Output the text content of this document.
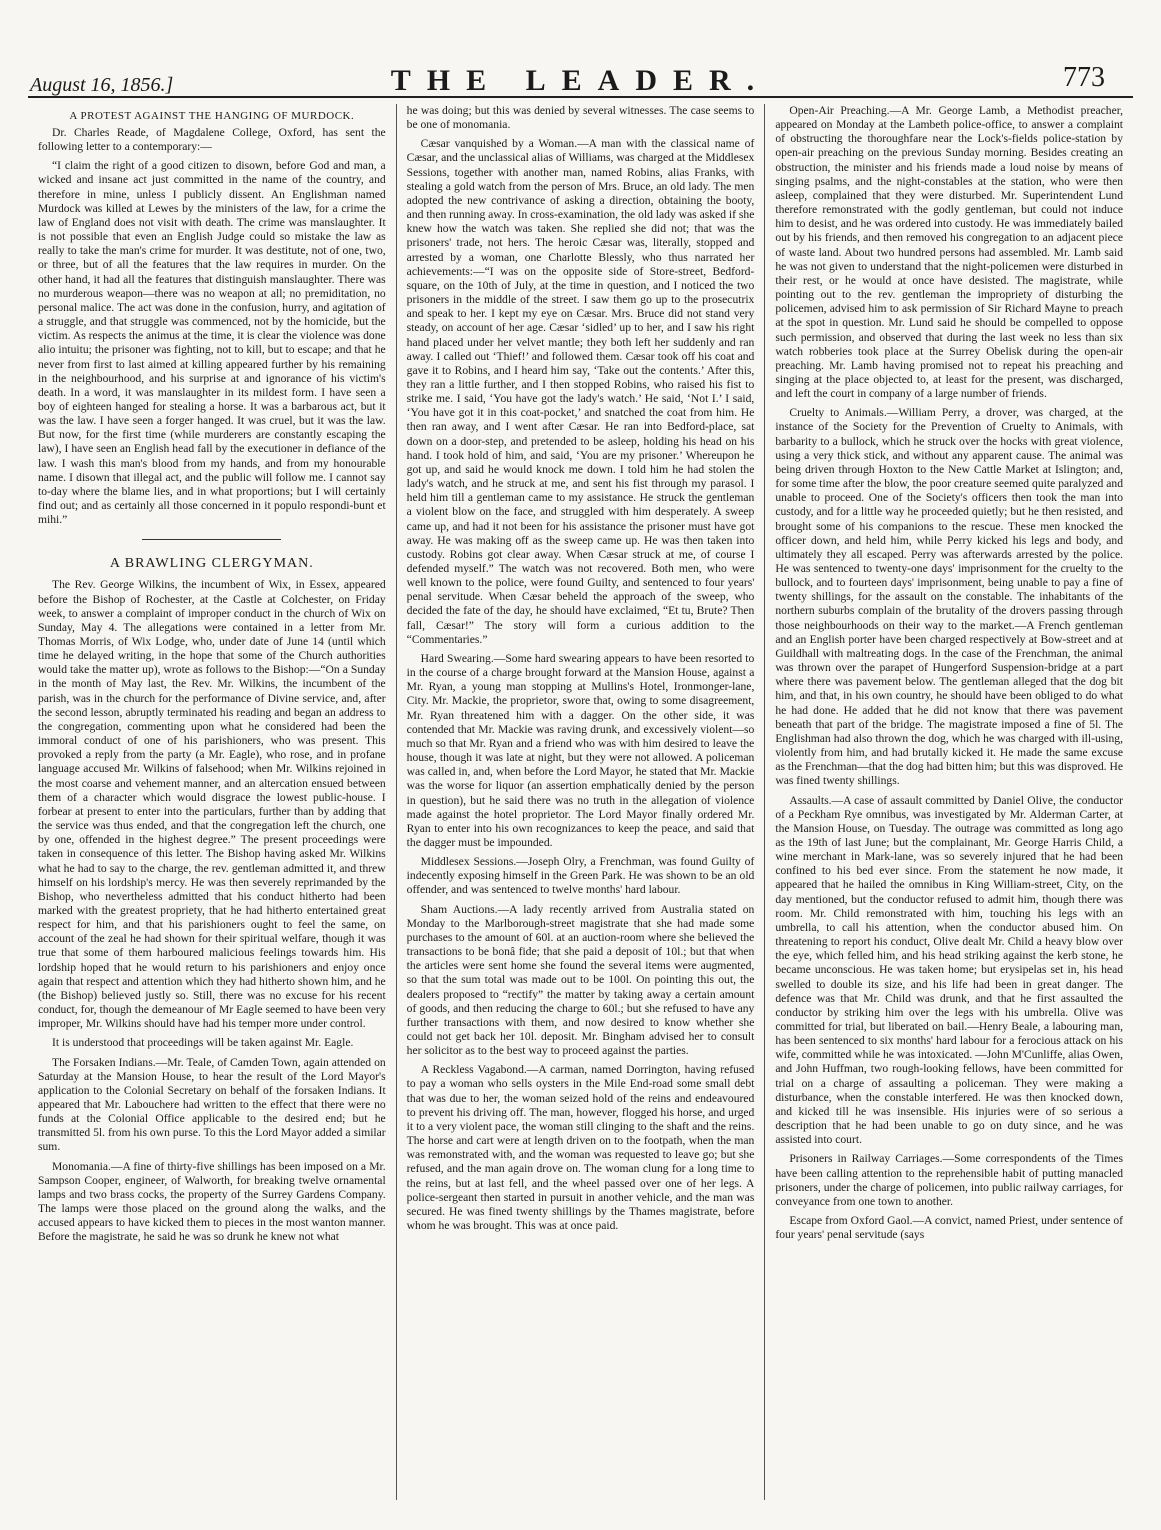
August 16, 1856.]	THE LEADER.	773
A PROTEST AGAINST THE HANGING OF MURDOCK.

Dr. Charles Reade, of Magdalene College, Oxford, has sent the following letter to a contemporary:—

“I claim the right of a good citizen to disown, before God and man, a wicked and insane act just committed in the name of the country, and therefore in mine, unless I publicly dissent. An Englishman named Murdock was killed at Lewes by the ministers of the law, for a crime the law of England does not visit with death. The crime was manslaughter. It is not possible that even an English Judge could so mistake the law as really to take the man's crime for murder. It was destitute, not of one, two, or three, but of all the features that the law requires in murder. On the other hand, it had all the features that distinguish manslaughter. There was no murderous weapon—there was no weapon at all; no premiditation, no personal malice. The act was done in the confusion, hurry, and agitation of a struggle, and that struggle was commenced, not by the homicide, but the victim. As respects the animus at the time, it is clear the violence was done alio intuitu; the prisoner was fighting, not to kill, but to escape; and that he never from first to last aimed at killing appeared further by his remaining in the neighbourhood, and his surprise at and ignorance of his victim's death. In a word, it was manslaughter in its mildest form. I have seen a boy of eighteen hanged for stealing a horse. It was a barbarous act, but it was the law. I have seen a forger hanged. It was cruel, but it was the law. But now, for the first time (while murderers are constantly escaping the law), I have seen an English head fall by the executioner in defiance of the law. I wash this man's blood from my hands, and from my honourable name. I disown that illegal act, and the public will follow me. I cannot say to-day where the blame lies, and in what proportions; but I will certainly find out; and as certainly all those concerned in it populo respondi-bunt et mihi.”

A BRAWLING CLERGYMAN.

The Rev. George Wilkins, the incumbent of Wix, in Essex, appeared before the Bishop of Rochester, at the Castle at Colchester, on Friday week, to answer a complaint of improper conduct in the church of Wix on Sunday, May 4. The allegations were contained in a letter from Mr. Thomas Morris, of Wix Lodge, who, under date of June 14 (until which time he delayed writing, in the hope that some of the Church authorities would take the matter up), wrote as follows to the Bishop:—“On a Sunday in the month of May last, the Rev. Mr. Wilkins, the incumbent of the parish, was in the church for the performance of Divine service, and, after the second lesson, abruptly terminated his reading and began an address to the congregation, commenting upon what he considered had been the immoral conduct of one of his parishioners, who was present. This provoked a reply from the party (a Mr. Eagle), who rose, and in profane language accused Mr. Wilkins of falsehood; when Mr. Wilkins rejoined in the most coarse and vehement manner, and an altercation ensued between them of a character which would disgrace the lowest public-house. I forbear at present to enter into the particulars, further than by adding that the service was thus ended, and that the congregation left the church, one by one, offended in the highest degree.” The present proceedings were taken in consequence of this letter. The Bishop having asked Mr. Wilkins what he had to say to the charge, the rev. gentleman admitted it, and threw himself on his lordship's mercy. He was then severely reprimanded by the Bishop, who nevertheless admitted that his conduct hitherto had been marked with the greatest propriety, that he had hitherto entertained great respect for him, and that his parishioners ought to feel the same, on account of the zeal he had shown for their spiritual welfare, though it was true that some of them harboured malicious feelings towards him. His lordship hoped that he would return to his parishioners and enjoy once again that respect and attention which they had hitherto shown him, and he (the Bishop) believed justly so. Still, there was no excuse for his recent conduct, for, though the demeanour of Mr Eagle seemed to have been very improper, Mr. Wilkins should have had his temper more under control.

It is understood that proceedings will be taken against Mr. Eagle.

The Forsaken Indians.—Mr. Teale, of Camden Town, again attended on Saturday at the Mansion House, to hear the result of the Lord Mayor's application to the Colonial Secretary on behalf of the forsaken Indians. It appeared that Mr. Labouchere had written to the effect that there were no funds at the Colonial Office applicable to the desired end; but he transmitted 5l. from his own purse. To this the Lord Mayor added a similar sum.

Monomania.—A fine of thirty-five shillings has been imposed on a Mr. Sampson Cooper, engineer, of Walworth, for breaking twelve ornamental lamps and two brass cocks, the property of the Surrey Gardens Company. The lamps were those placed on the ground along the walks, and the accused appears to have kicked them to pieces in the most wanton manner. Before the magistrate, he said he was so drunk he knew not what

he was doing; but this was denied by several witnesses. The case seems to be one of monomania.

Cæsar vanquished by a Woman.—A man with the classical name of Cæsar, and the unclassical alias of Williams, was charged at the Middlesex Sessions, together with another man, named Robins, alias Franks, with stealing a gold watch from the person of Mrs. Bruce, an old lady. The men adopted the new contrivance of asking a direction, obtaining the booty, and then running away. In cross-examination, the old lady was asked if she knew how the watch was taken. She replied she did not; that was the prisoners' trade, not hers. The heroic Cæsar was, literally, stopped and arrested by a woman, one Charlotte Blessly, who thus narrated her achievements:—“I was on the opposite side of Store-street, Bedford-square, on the 10th of July, at the time in question, and I noticed the two prisoners in the middle of the street. I saw them go up to the prosecutrix and speak to her. I kept my eye on Cæsar. Mrs. Bruce did not stand very steady, on account of her age. Cæsar ‘sidled’ up to her, and I saw his right hand placed under her velvet mantle; they both left her suddenly and ran away. I called out ‘Thief!’ and followed them. Cæsar took off his coat and gave it to Robins, and I heard him say, ‘Take out the contents.’ After this, they ran a little further, and I then stopped Robins, who raised his fist to strike me. I said, ‘You have got the lady's watch.’ He said, ‘Not I.’ I said, ‘You have got it in this coat-pocket,’ and snatched the coat from him. He then ran away, and I went after Cæsar. He ran into Bedford-place, sat down on a door-step, and pretended to be asleep, holding his head on his hand. I took hold of him, and said, ‘You are my prisoner.’ Whereupon he got up, and said he would knock me down. I told him he had stolen the lady's watch, and he struck at me, and sent his fist through my parasol. I held him till a gentleman came to my assistance. He struck the gentleman a violent blow on the face, and struggled with him desperately. A sweep came up, and had it not been for his assistance the prisoner must have got away. He was making off as the sweep came up. He was then taken into custody. Robins got clear away. When Cæsar struck at me, of course I defended myself.” The watch was not recovered. Both men, who were well known to the police, were found Guilty, and sentenced to four years' penal servitude. When Cæsar beheld the approach of the sweep, who decided the fate of the day, he should have exclaimed, “Et tu, Brute? Then fall, Cæsar!” The story will form a curious addition to the “Commentaries.”

Hard Swearing.—Some hard swearing appears to have been resorted to in the course of a charge brought forward at the Mansion House, against a Mr. Ryan, a young man stopping at Mullins's Hotel, Ironmonger-lane, City. Mr. Mackie, the proprietor, swore that, owing to some disagreement, Mr. Ryan threatened him with a dagger. On the other side, it was contended that Mr. Mackie was raving drunk, and excessively violent—so much so that Mr. Ryan and a friend who was with him desired to leave the house, though it was late at night, but they were not allowed. A policeman was called in, and, when before the Lord Mayor, he stated that Mr. Mackie was the worse for liquor (an assertion emphatically denied by the person in question), but he said there was no truth in the allegation of violence made against the hotel proprietor. The Lord Mayor finally ordered Mr. Ryan to enter into his own recognizances to keep the peace, and said that the dagger must be impounded.

Middlesex Sessions.—Joseph Olry, a Frenchman, was found Guilty of indecently exposing himself in the Green Park. He was shown to be an old offender, and was sentenced to twelve months' hard labour.

Sham Auctions.—A lady recently arrived from Australia stated on Monday to the Marlborough-street magistrate that she had made some purchases to the amount of 60l. at an auction-room where she believed the transactions to be bonâ fide; that she paid a deposit of 10l.; but that when the articles were sent home she found the several items were augmented, so that the sum total was made out to be 100l. On pointing this out, the dealers proposed to “rectify” the matter by taking away a certain amount of goods, and then reducing the charge to 60l.; but she refused to have any further transactions with them, and now desired to know whether she could not get back her 10l. deposit. Mr. Bingham advised her to consult her solicitor as to the best way to proceed against the parties.

A Reckless Vagabond.—A carman, named Dorrington, having refused to pay a woman who sells oysters in the Mile End-road some small debt that was due to her, the woman seized hold of the reins and endeavoured to prevent his driving off. The man, however, flogged his horse, and urged it to a very violent pace, the woman still clinging to the shaft and the reins. The horse and cart were at length driven on to the footpath, when the man was remonstrated with, and the woman was requested to leave go; but she refused, and the man again drove on. The woman clung for a long time to the reins, but at last fell, and the wheel passed over one of her legs. A police-sergeant then started in pursuit in another vehicle, and the man was secured. He was fined twenty shillings by the Thames magistrate, before whom he was brought. This was at once paid.

Open-Air Preaching.—A Mr. George Lamb, a Methodist preacher, appeared on Monday at the Lambeth police-office, to answer a complaint of obstructing the thoroughfare near the Lock's-fields police-station by open-air preaching on the previous Sunday morning. Besides creating an obstruction, the minister and his friends made a loud noise by means of singing psalms, and the night-constables at the station, who were then asleep, complained that they were disturbed. Mr. Superintendent Lund therefore remonstrated with the godly gentleman, but could not induce him to desist, and he was ordered into custody. He was immediately bailed out by his friends, and then removed his congregation to an adjacent piece of waste land. About two hundred persons had assembled. Mr. Lamb said he was not given to understand that the night-policemen were disturbed in their rest, or he would at once have desisted. The magistrate, while pointing out to the rev. gentleman the impropriety of disturbing the policemen, advised him to ask permission of Sir Richard Mayne to preach at the spot in question. Mr. Lund said he should be compelled to oppose such permission, and observed that during the last week no less than six watch robberies took place at the Surrey Obelisk during the open-air preaching. Mr. Lamb having promised not to repeat his preaching and singing at the place objected to, at least for the present, was discharged, and left the court in company of a large number of friends.

Cruelty to Animals.—William Perry, a drover, was charged, at the instance of the Society for the Prevention of Cruelty to Animals, with barbarity to a bullock, which he struck over the hocks with great violence, using a very thick stick, and without any apparent cause. The animal was being driven through Hoxton to the New Cattle Market at Islington; and, for some time after the blow, the poor creature seemed quite paralyzed and unable to proceed. One of the Society's officers then took the man into custody, and for a little way he proceeded quietly; but he then resisted, and brought some of his companions to the rescue. These men knocked the officer down, and held him, while Perry kicked his legs and body, and ultimately they all escaped. Perry was afterwards arrested by the police. He was sentenced to twenty-one days' imprisonment for the cruelty to the bullock, and to fourteen days' imprisonment, being unable to pay a fine of twenty shillings, for the assault on the constable. The inhabitants of the northern suburbs complain of the brutality of the drovers passing through those neighbourhoods on their way to the market.—A French gentleman and an English porter have been charged respectively at Bow-street and at Guildhall with maltreating dogs. In the case of the Frenchman, the animal was thrown over the parapet of Hungerford Suspension-bridge at a part where there was pavement below. The gentleman alleged that the dog bit him, and that, in his own country, he should have been obliged to do what he had done. He added that he did not know that there was pavement beneath that part of the bridge. The magistrate imposed a fine of 5l. The Englishman had also thrown the dog, which he was charged with ill-using, violently from him, and had brutally kicked it. He made the same excuse as the Frenchman—that the dog had bitten him; but this was disproved. He was fined twenty shillings.

Assaults.—A case of assault committed by Daniel Olive, the conductor of a Peckham Rye omnibus, was investigated by Mr. Alderman Carter, at the Mansion House, on Tuesday. The outrage was committed as long ago as the 19th of last June; but the complainant, Mr. George Harris Child, a wine merchant in Mark-lane, was so severely injured that he had been confined to his bed ever since. From the statement he now made, it appeared that he hailed the omnibus in King William-street, City, on the day mentioned, but the conductor refused to admit him, though there was room. Mr. Child remonstrated with him, touching his legs with an umbrella, to call his attention, when the conductor abused him. On threatening to report his conduct, Olive dealt Mr. Child a heavy blow over the eye, which felled him, and his head striking against the kerb stone, he became unconscious. He was taken home; but erysipelas set in, his head swelled to double its size, and his life had been in great danger. The defence was that Mr. Child was drunk, and that he first assaulted the conductor by striking him over the legs with his umbrella. Olive was committed for trial, but liberated on bail.—Henry Beale, a labouring man, has been sentenced to six months' hard labour for a ferocious attack on his wife, committed while he was intoxicated. —John M'Cunliffe, alias Owen, and John Huffman, two rough-looking fellows, have been committed for trial on a charge of assaulting a policeman. They were making a disturbance, when the constable interfered. He was then knocked down, and kicked till he was insensible. His injuries were of so serious a description that he had been unable to go on duty since, and he was assisted into court.

Prisoners in Railway Carriages.—Some correspondents of the Times have been calling attention to the reprehensible habit of putting manacled prisoners, under the charge of policemen, into public railway carriages, for conveyance from one town to another.

Escape from Oxford Gaol.—A convict, named Priest, under sentence of four years' penal servitude (says
